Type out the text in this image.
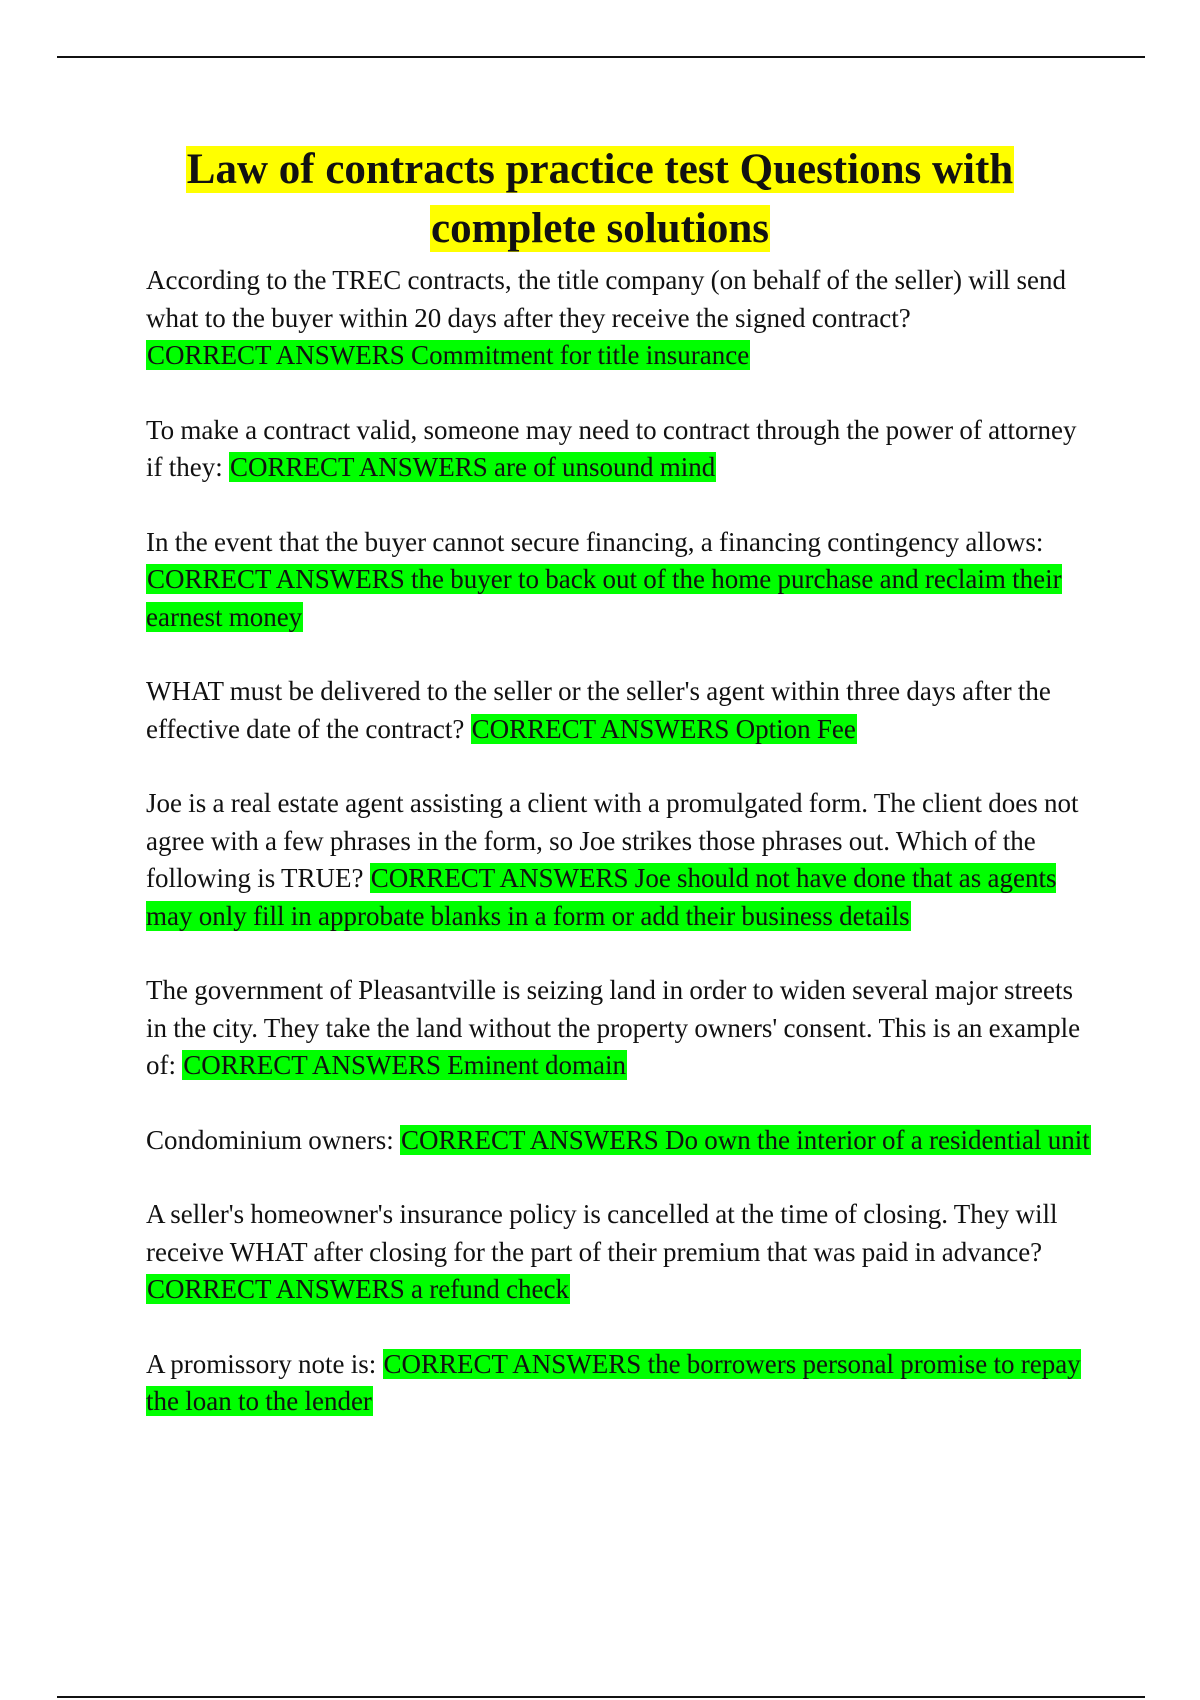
Law of contracts practice test Questions with
complete solutions

According to the TREC contracts, the title company (on behalf of the seller) will send what to the buyer within 20 days after they receive the signed contract?
CORRECT ANSWERS Commitment for title insurance

To make a contract valid, someone may need to contract through the power of attorney if they: CORRECT ANSWERS are of unsound mind

In the event that the buyer cannot secure financing, a financing contingency allows: CORRECT ANSWERS the buyer to back out of the home purchase and reclaim their earnest money

WHAT must be delivered to the seller or the seller's agent within three days after the effective date of the contract? CORRECT ANSWERS Option Fee

Joe is a real estate agent assisting a client with a promulgated form. The client does not agree with a few phrases in the form, so Joe strikes those phrases out. Which of the following is TRUE? CORRECT ANSWERS Joe should not have done that as agents may only fill in approbate blanks in a form or add their business details

The government of Pleasantville is seizing land in order to widen several major streets in the city. They take the land without the property owners' consent. This is an example of: CORRECT ANSWERS Eminent domain

Condominium owners: CORRECT ANSWERS Do own the interior of a residential unit

A seller's homeowner's insurance policy is cancelled at the time of closing. They will receive WHAT after closing for the part of their premium that was paid in advance? CORRECT ANSWERS a refund check

A promissory note is: CORRECT ANSWERS the borrowers personal promise to repay the loan to the lender
